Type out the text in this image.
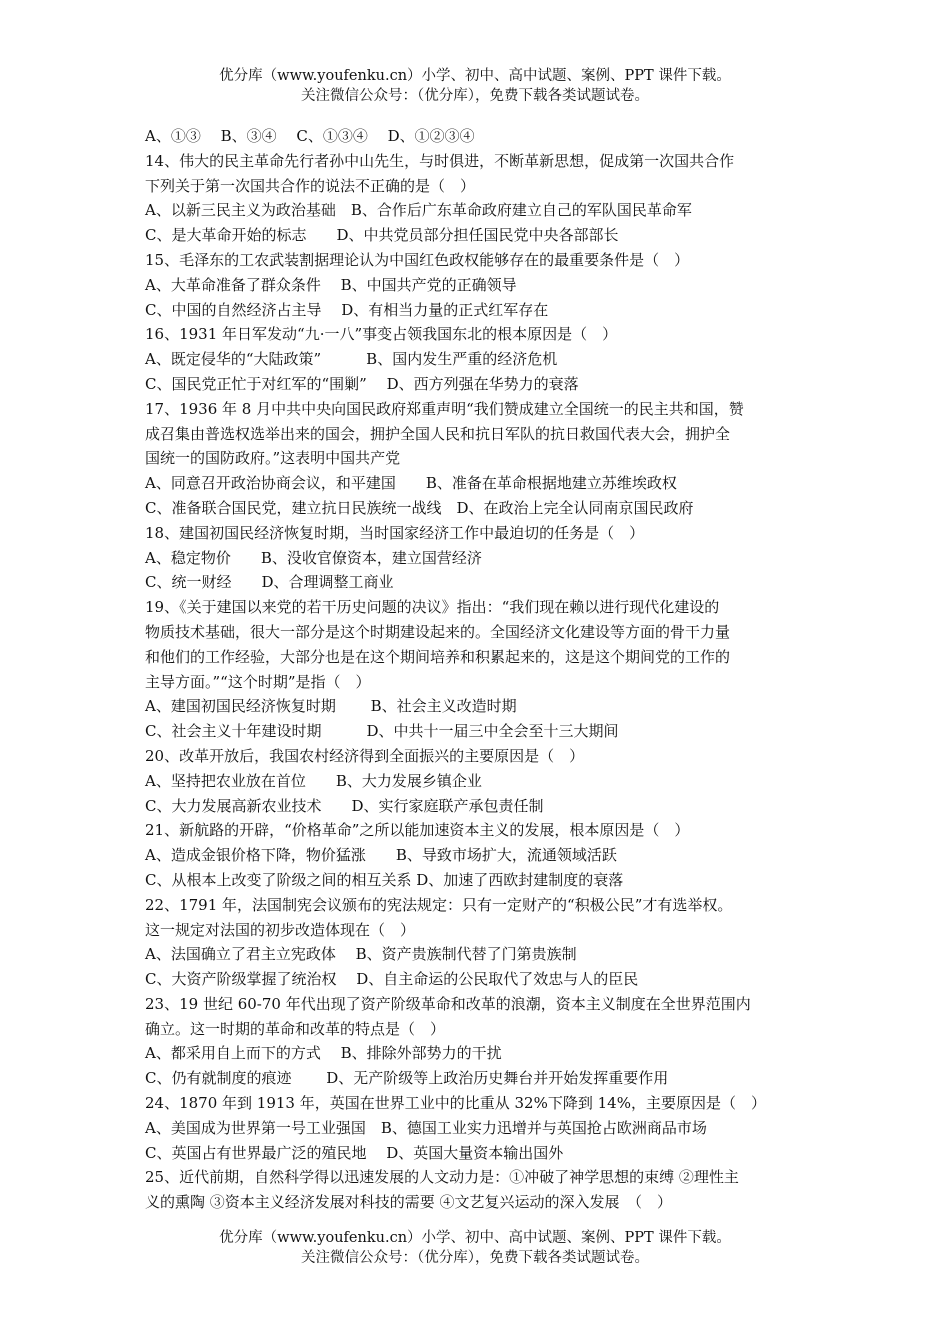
优分库（www.youfenku.cn）小学、初中、高中试题、案例、PPT 课件下载。
关注微信公众号：（优分库），免费下载各类试题试卷。
A、①③　 B、③④　 C、①③④　 D、①②③④
14、伟大的民主革命先行者孙中山先生，与时俱进，不断革新思想，促成第一次国共合作
下列关于第一次国共合作的说法不正确的是（　）
A、以新三民主义为政治基础　B、合作后广东革命政府建立自己的军队国民革命军
C、是大革命开始的标志　　D、中共党员部分担任国民党中央各部部长
15、毛泽东的工农武装割据理论认为中国红色政权能够存在的最重要条件是（　）
A、大革命准备了群众条件　 B、中国共产党的正确领导
C、中国的自然经济占主导　 D、有相当力量的正式红军存在
16、1931 年日军发动“九·一八”事变占领我国东北的根本原因是（　）
A、既定侵华的“大陆政策”　　　B、国内发生严重的经济危机
C、国民党正忙于对红军的“围剿”　 D、西方列强在华势力的衰落
17、1936 年 8 月中共中央向国民政府郑重声明“我们赞成建立全国统一的民主共和国，赞
成召集由普选权选举出来的国会，拥护全国人民和抗日军队的抗日救国代表大会，拥护全
国统一的国防政府。”这表明中国共产党
A、同意召开政治协商会议，和平建国　　B、准备在革命根据地建立苏维埃政权
C、准备联合国民党，建立抗日民族统一战线　D、在政治上完全认同南京国民政府
18、建国初国民经济恢复时期，当时国家经济工作中最迫切的任务是（　）
A、稳定物价　　B、没收官僚资本，建立国营经济
C、统一财经　　D、合理调整工商业
19、《关于建国以来党的若干历史问题的决议》指出：“我们现在赖以进行现代化建设的
物质技术基础，很大一部分是这个时期建设起来的。全国经济文化建设等方面的骨干力量
和他们的工作经验，大部分也是在这个期间培养和积累起来的，这是这个期间党的工作的
主导方面。”“这个时期”是指（　）
A、建国初国民经济恢复时期　　 B、社会主义改造时期
C、社会主义十年建设时期　　　D、中共十一届三中全会至十三大期间
20、改革开放后，我国农村经济得到全面振兴的主要原因是（　）
A、坚持把农业放在首位　　B、大力发展乡镇企业
C、大力发展高新农业技术　　D、实行家庭联产承包责任制
21、新航路的开辟，“价格革命”之所以能加速资本主义的发展，根本原因是（　）
A、造成金银价格下降，物价猛涨　　B、导致市场扩大，流通领域活跃
C、从根本上改变了阶级之间的相互关系 D、加速了西欧封建制度的衰落
22、1791 年，法国制宪会议颁布的宪法规定：只有一定财产的“积极公民”才有选举权。
这一规定对法国的初步改造体现在（　）
A、法国确立了君主立宪政体　 B、资产贵族制代替了门第贵族制
C、大资产阶级掌握了统治权　 D、自主命运的公民取代了效忠与人的臣民
23、19 世纪 60-70 年代出现了资产阶级革命和改革的浪潮，资本主义制度在全世界范围内
确立。这一时期的革命和改革的特点是（　）
A、都采用自上而下的方式　 B、排除外部势力的干扰
C、仍有就制度的痕迹　　 D、无产阶级等上政治历史舞台并开始发挥重要作用
24、1870 年到 1913 年，英国在世界工业中的比重从 32%下降到 14%，主要原因是（　）
A、美国成为世界第一号工业强国　B、德国工业实力迅增并与英国抢占欧洲商品市场
C、英国占有世界最广泛的殖民地　 D、英国大量资本输出国外
25、近代前期，自然科学得以迅速发展的人文动力是：①冲破了神学思想的束缚 ②理性主
义的熏陶 ③资本主义经济发展对科技的需要 ④文艺复兴运动的深入发展　（　）
优分库（www.youfenku.cn）小学、初中、高中试题、案例、PPT 课件下载。
关注微信公众号：（优分库），免费下载各类试题试卷。
